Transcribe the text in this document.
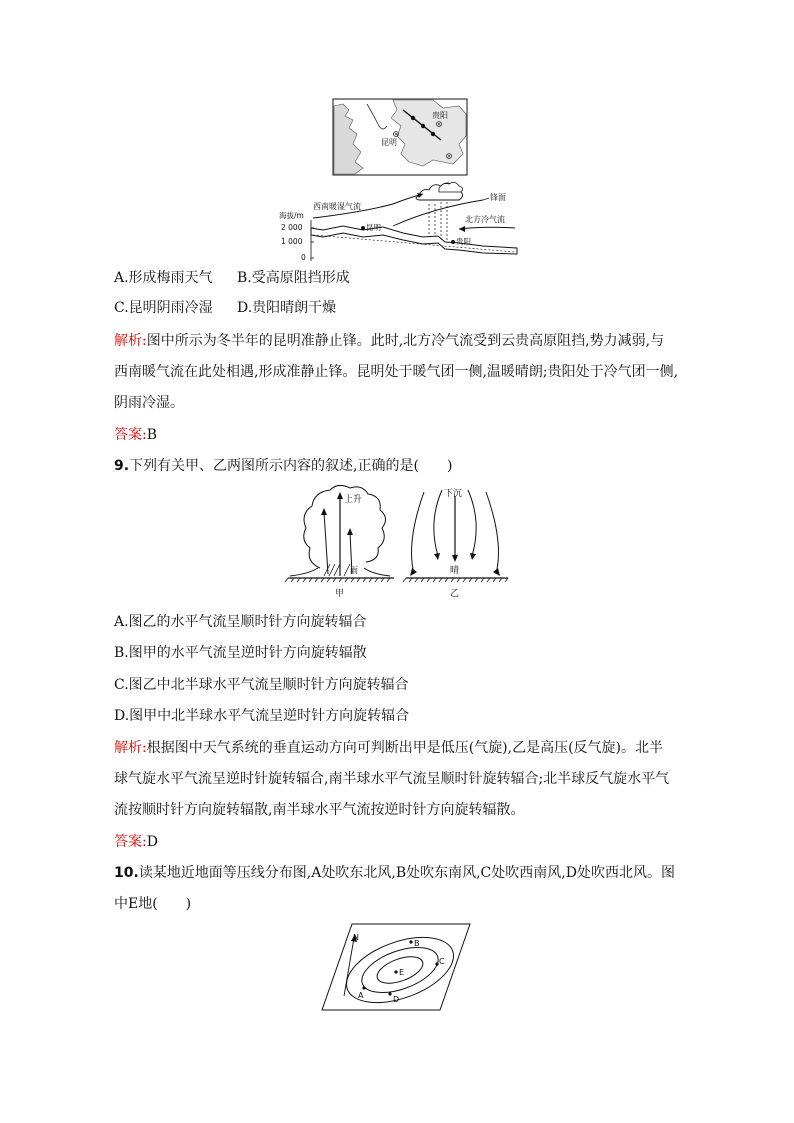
贵阳
昆明
海拔/m
2 000
1 000
0
西南暖湿气流
锋面
北方冷气流
昆明
贵阳
A.形成梅雨天气 B.受高原阻挡形成
C.昆明阴雨冷湿 D.贵阳晴朗干燥
解析:图中所示为冬半年的昆明准静止锋。此时,北方冷气流受到云贵高原阻挡,势力减弱,与
西南暖气流在此处相遇,形成准静止锋。昆明处于暖气团一侧,温暖晴朗;贵阳处于冷气团一侧,
阴雨冷湿。
答案:B
9.下列有关甲、乙两图所示内容的叙述,正确的是(　　)
上升
雨
甲
下沉
晴
乙
A.图乙的水平气流呈顺时针方向旋转辐合
B.图甲的水平气流呈逆时针方向旋转辐散
C.图乙中北半球水平气流呈顺时针方向旋转辐合
D.图甲中北半球水平气流呈逆时针方向旋转辐合
解析:根据图中天气系统的垂直运动方向可判断出甲是低压(气旋),乙是高压(反气旋)。北半
球气旋水平气流呈逆时针旋转辐合,南半球水平气流呈顺时针旋转辐合;北半球反气旋水平气
流按顺时针方向旋转辐散,南半球水平气流按逆时针方向旋转辐散。
答案:D
10.读某地近地面等压线分布图,A处吹东北风,B处吹东南风,C处吹西南风,D处吹西北风。图
中E地(　　)
N
E
B
C
A	D
